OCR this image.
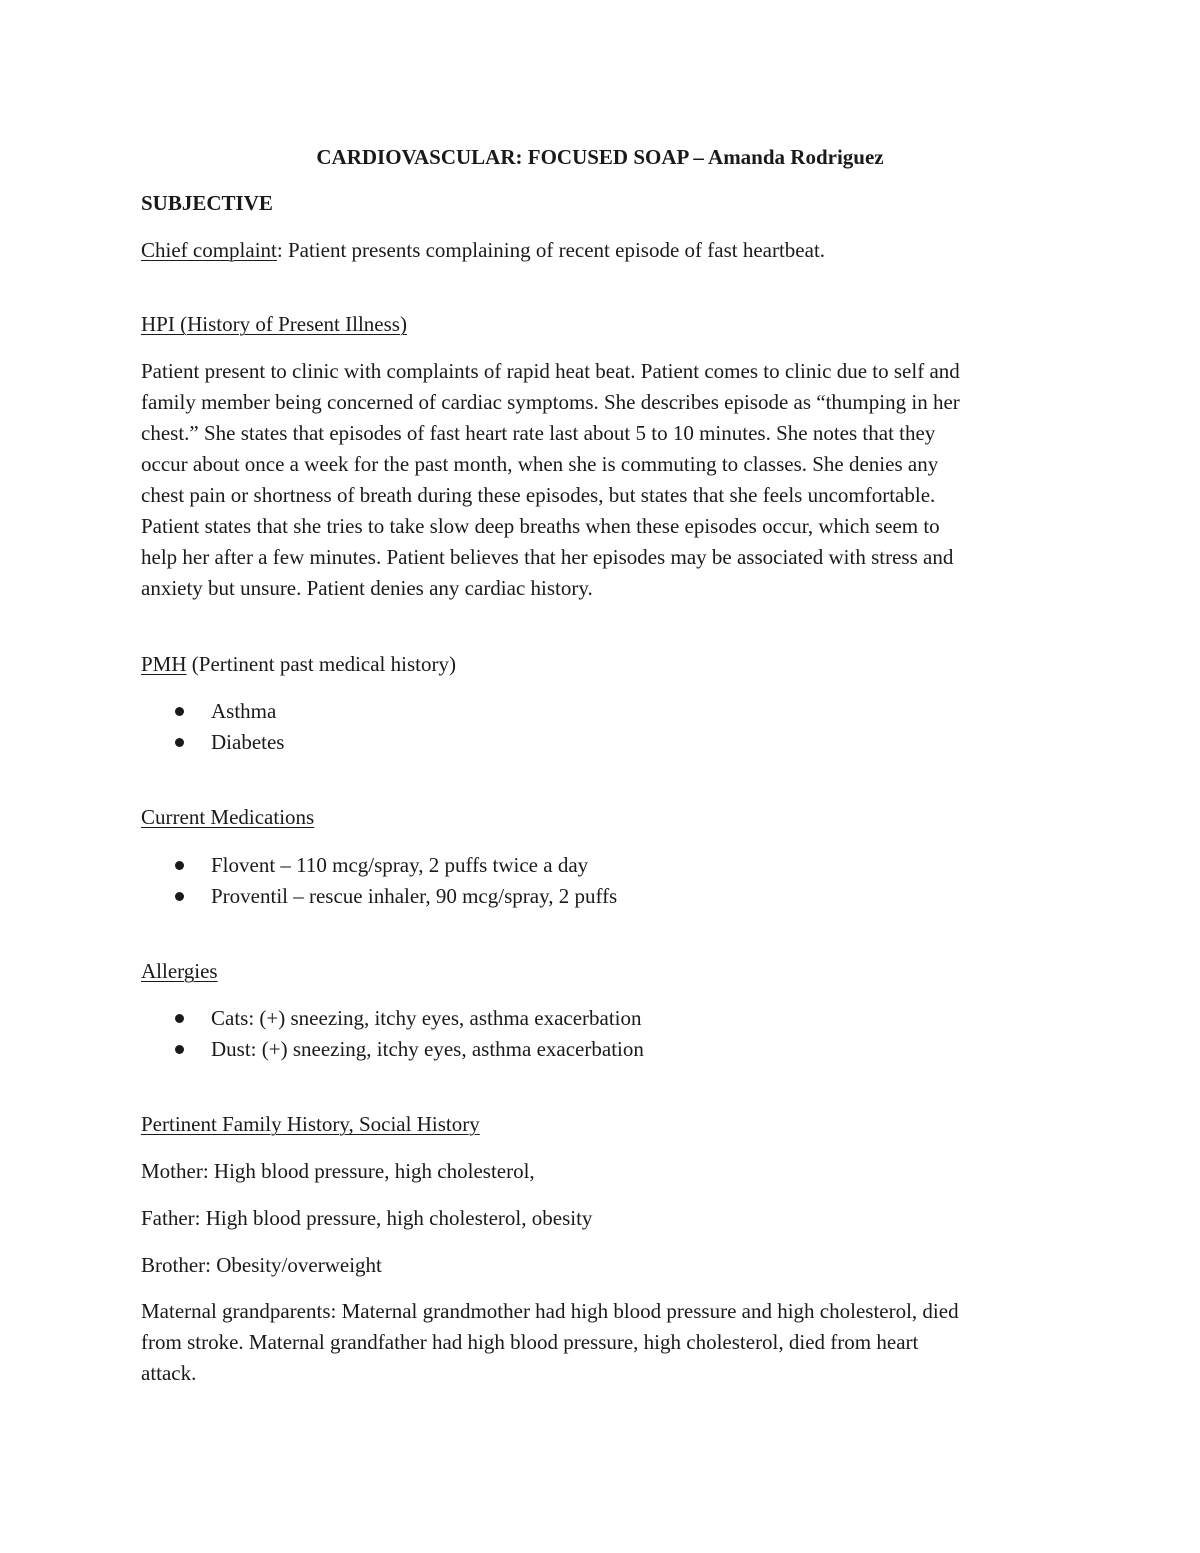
CARDIOVASCULAR: FOCUSED SOAP – Amanda Rodriguez
SUBJECTIVE
Chief complaint: Patient presents complaining of recent episode of fast heartbeat.
HPI (History of Present Illness)
Patient present to clinic with complaints of rapid heat beat. Patient comes to clinic due to self and
family member being concerned of cardiac symptoms. She describes episode as “thumping in her
chest.” She states that episodes of fast heart rate last about 5 to 10 minutes. She notes that they
occur about once a week for the past month, when she is commuting to classes. She denies any
chest pain or shortness of breath during these episodes, but states that she feels uncomfortable.
Patient states that she tries to take slow deep breaths when these episodes occur, which seem to
help her after a few minutes. Patient believes that her episodes may be associated with stress and
anxiety but unsure. Patient denies any cardiac history.
PMH (Pertinent past medical history)
Asthma
Diabetes
Current Medications
Flovent – 110 mcg/spray, 2 puffs twice a day
Proventil – rescue inhaler, 90 mcg/spray, 2 puffs
Allergies
Cats: (+) sneezing, itchy eyes, asthma exacerbation
Dust: (+) sneezing, itchy eyes, asthma exacerbation
Pertinent Family History, Social History
Mother: High blood pressure, high cholesterol,
Father: High blood pressure, high cholesterol, obesity
Brother: Obesity/overweight
Maternal grandparents: Maternal grandmother had high blood pressure and high cholesterol, died
from stroke. Maternal grandfather had high blood pressure, high cholesterol, died from heart
attack.
